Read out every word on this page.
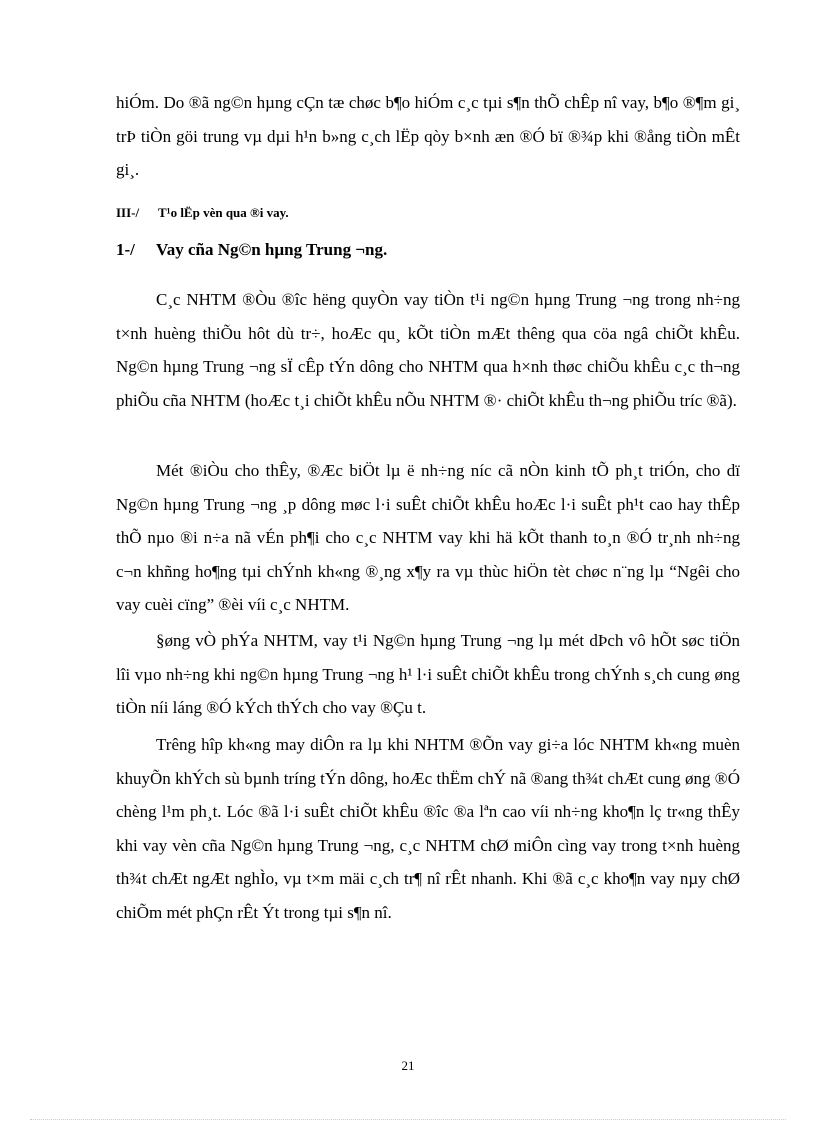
hiÓm. Do ®ã ng©n hµng cÇn tæ chøc b¶o hiÓm c¸c tµi s¶n thÕ chÊp nî vay, b¶o ®¶m gi¸ trÞ tiÒn göi trung vµ dµi h¹n b»ng c¸ch lËp qòy b×nh æn ®Ó bï ®¾p khi ®ång tiÒn mÊt gi¸.

III-/ T¹o lËp vèn qua ®i vay.

1-/ Vay cña Ng©n hµng Trung ¬ng.

C¸c NHTM ®Òu ®îc hëng quyÒn vay tiÒn t¹i ng©n hµng Trung ¬ng trong nh÷ng t×nh huèng thiÕu hôt dù tr÷, hoÆc qu¸ kÕt tiÒn mÆt thêng qua cöa ngâ chiÕt khÊu. Ng©n hµng Trung ¬ng sÏ cÊp tÝn dông cho NHTM qua h×nh thøc chiÕu khÊu c¸c th¬ng phiÕu cña NHTM (hoÆc t¸i chiÕt khÊu nÕu NHTM ®· chiÕt khÊu th¬ng phiÕu tríc ®ã).

Mét ®iÒu cho thÊy, ®Æc biÖt lµ ë nh÷ng níc cã nÒn kinh tÕ ph¸t triÓn, cho dï Ng©n hµng Trung ¬ng ¸p dông møc l·i suÊt chiÕt khÊu hoÆc l·i suÊt ph¹t cao hay thÊp thÕ nµo ®i n÷a nã vÉn ph¶i cho c¸c NHTM vay khi hä kÕt thanh to¸n ®Ó tr¸nh nh÷ng c¬n khñng ho¶ng tµi chÝnh kh«ng ®¸ng x¶y ra vµ thùc hiÖn tèt chøc n¨ng lµ “Ngêi cho vay cuèi cïng” ®èi víi c¸c NHTM.

§øng vÒ phÝa NHTM, vay t¹i Ng©n hµng Trung ¬ng lµ mét dÞch vô hÕt søc tiÖn lîi vµo nh÷ng khi ng©n hµng Trung ¬ng h¹ l·i suÊt chiÕt khÊu trong chÝnh s¸ch cung øng tiÒn níi láng ®Ó kÝch thÝch cho vay ®Çu t.

Trêng hîp kh«ng may diÔn ra lµ khi NHTM ®Õn vay gi÷a lóc NHTM kh«ng muèn khuyÕn khÝch sù bµnh tríng tÝn dông, hoÆc thËm chÝ nã ®ang th¾t chÆt cung øng ®Ó chèng l¹m ph¸t. Lóc ®ã l·i suÊt chiÕt khÊu ®îc ®a lªn cao víi nh÷ng kho¶n lç tr«ng thÊy khi vay vèn cña Ng©n hµng Trung ¬ng, c¸c NHTM chØ miÔn cìng vay trong t×nh huèng th¾t chÆt ngÆt nghÌo, vµ t×m mäi c¸ch tr¶ nî rÊt nhanh. Khi ®ã c¸c kho¶n vay nµy chØ chiÕm mét phÇn rÊt Ýt trong tµi s¶n nî.

21
